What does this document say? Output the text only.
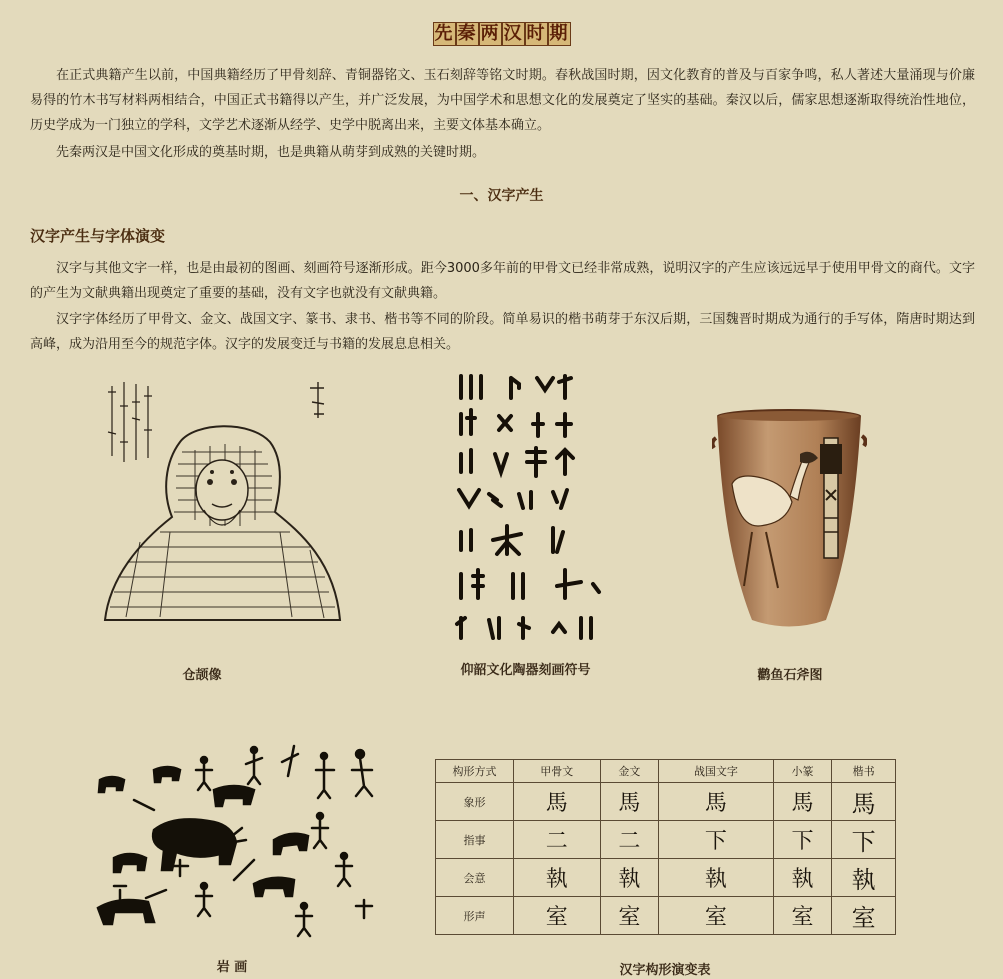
先 秦 两 汉 时 期

在正式典籍产生以前，中国典籍经历了甲骨刻辞、青铜器铭文、玉石刻辞等铭文时期。春秋战国时期，因文化教育的普及与百家争鸣，私人著述大量涌现与价廉易得的竹木书写材料两相结合，中国正式书籍得以产生，并广泛发展，为中国学术和思想文化的发展奠定了坚实的基础。秦汉以后，儒家思想逐渐取得统治性地位，历史学成为一门独立的学科，文学艺术逐渐从经学、史学中脱离出来，主要文体基本确立。

先秦两汉是中国文化形成的奠基时期，也是典籍从萌芽到成熟的关键时期。

一、汉字产生
汉字产生与字体演变

汉字与其他文字一样，也是由最初的图画、刻画符号逐渐形成。距今3000多年前的甲骨文已经非常成熟，说明汉字的产生应该远远早于使用甲骨文的商代。文字的产生为文献典籍出现奠定了重要的基础，没有文字也就没有文献典籍。

汉字字体经历了甲骨文、金文、战国文字、篆书、隶书、楷书等不同的阶段。简单易识的楷书萌芽于东汉后期，三国魏晋时期成为通行的手写体，隋唐时期达到高峰，成为沿用至今的规范字体。汉字的发展变迁与书籍的发展息息相关。

仓颉像	仰韶文化陶器刻画符号	鹳鱼石斧图
岩 画
构形方式	甲骨文	金文	战国文字	小篆	楷书
象形	馬	馬	馬	馬	馬
指事	二	二	下	下	下
会意	執	執	執	執	執
形声	室	室	室	室	室
汉字构形演变表
